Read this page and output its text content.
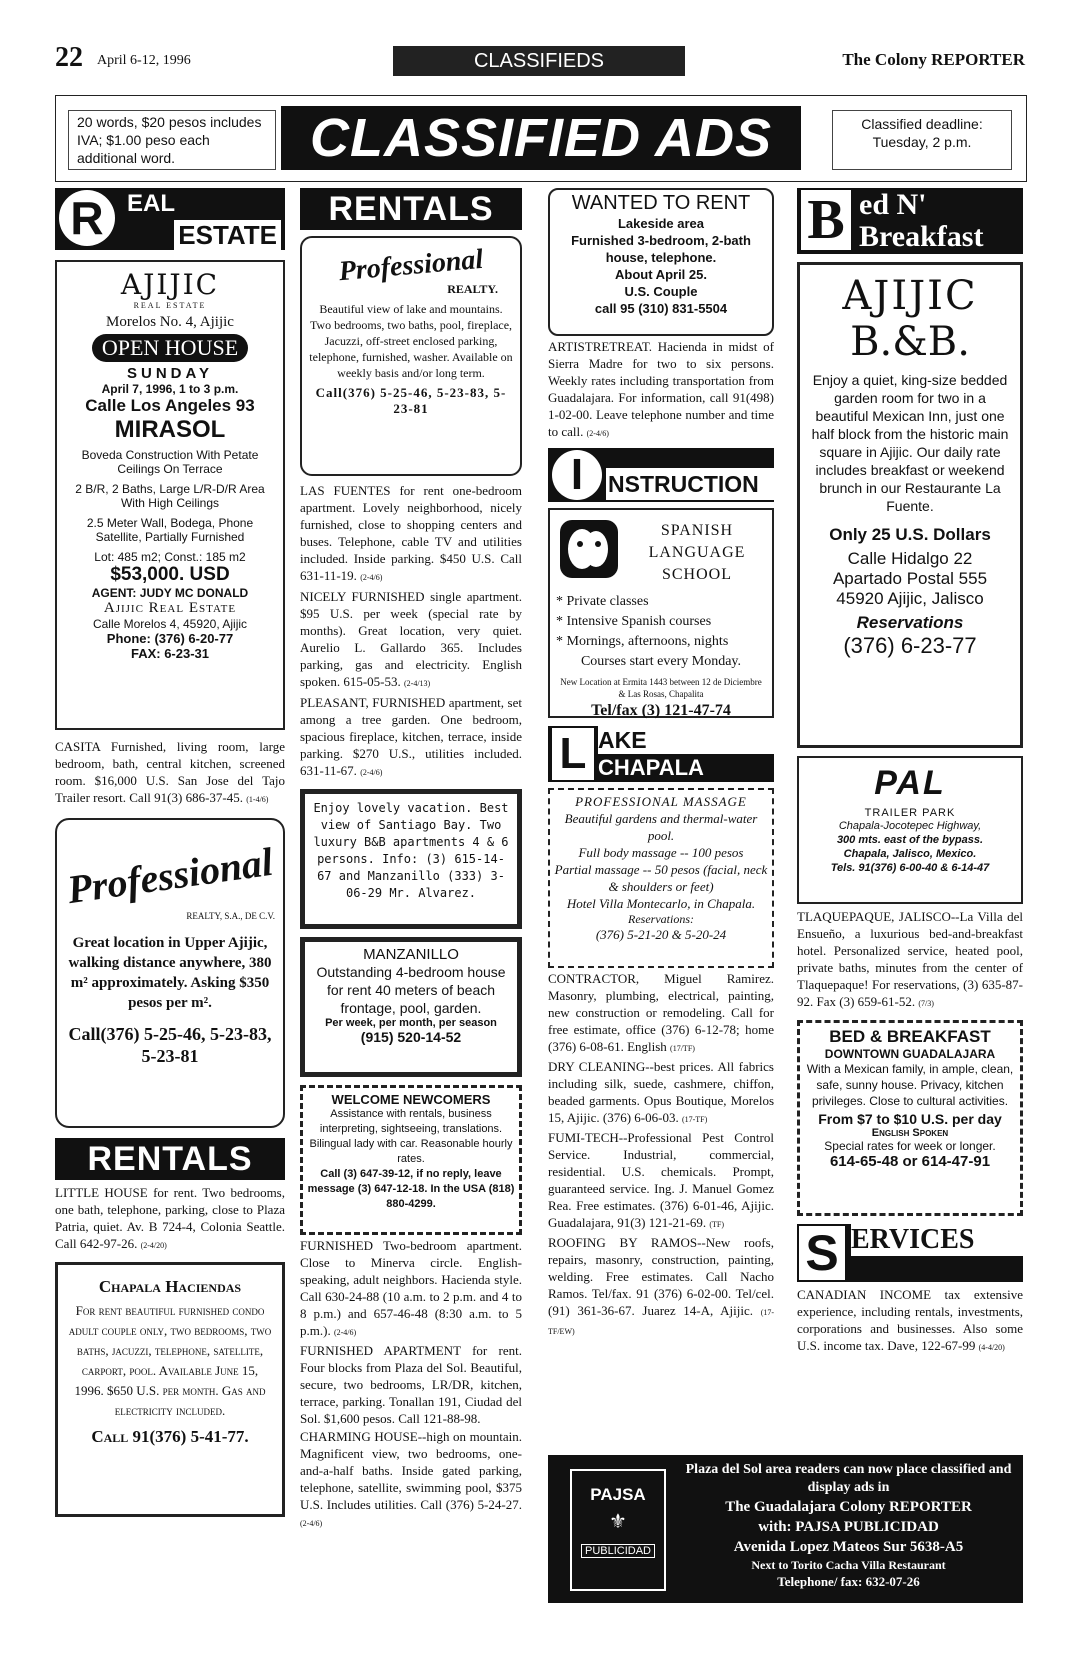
22 April 6-12, 1996	CLASSIFIEDS	The Colony REPORTER
20 words, $20 pesos includes IVA; $1.00 peso each additional word.	CLASSIFIED ADS	Classified deadline: Tuesday, 2 p.m.
R EAL
ESTATE
AJIJIC
REAL ESTATE
Morelos No. 4, Ajijic
OPEN HOUSE
SUNDAY
April 7, 1996, 1 to 3 p.m.
Calle Los Angeles 93
MIRASOL
Boveda Construction With Petate Ceilings On Terrace
2 B/R, 2 Baths, Large L/R-D/R Area With High Ceilings
2.5 Meter Wall, Bodega, Phone Satellite, Partially Furnished
Lot: 485 m2; Const.: 185 m2
$53,000. USD
AGENT: JUDY MC DONALD
Ajijic Real Estate
Calle Morelos 4, 45920, Ajijic
Phone: (376) 6-20-77
FAX: 6-23-31
CASITA Furnished, living room, large bedroom, bath, central kitchen, screened room. $16,000 U.S. San Jose del Tajo Trailer resort. Call 91(3) 686-37-45. (1-4/6)
Professional
REALTY, S.A., DE C.V.
Great location in Upper Ajijic, walking distance anywhere, 380 m² approximately. Asking $350 pesos per m².
Call(376) 5-25-46, 5-23-83, 5-23-81
RENTALS
LITTLE HOUSE for rent. Two bedrooms, one bath, telephone, parking, close to Plaza Patria, quiet. Av. B 724-4, Colonia Seattle. Call 642-97-26. (2-4/20)
Chapala Haciendas
For rent beautiful furnished condo adult couple only, two bedrooms, two baths, jacuzzi, telephone, satellite, carport, pool. Available June 15, 1996. $650 U.S. per month. Gas and electricity included.
Call 91(376) 5-41-77.
RENTALS
Professional
REALTY.
Beautiful view of lake and mountains. Two bedrooms, two baths, pool, fireplace, Jacuzzi, off-street enclosed parking, telephone, furnished, washer. Available on weekly basis and/or long term.
Call(376) 5-25-46, 5-23-83, 5-23-81
LAS FUENTES for rent one-bedroom apartment. Lovely neighborhood, nicely furnished, close to shopping centers and buses. Telephone, cable TV and utilities included. Inside parking. $450 U.S. Call 631-11-19. (2-4/6)
NICELY FURNISHED single apartment. $95 U.S. per week (special rate by months). Great location, very quiet. Aurelio L. Gallardo 365. Includes parking, gas and electricity. English spoken. 615-05-53. (2-4/13)
PLEASANT, FURNISHED apartment, set among a tree garden. One bedroom, spacious fireplace, kitchen, terrace, inside parking. $270 U.S., utilities included. 631-11-67. (2-4/6)
Enjoy lovely vacation. Best view of Santiago Bay. Two luxury B&B apartments 4 & 6 persons. Info: (3) 615-14-67 and Manzanillo (333) 3-06-29 Mr. Alvarez.
MANZANILLO
Outstanding 4-bedroom house for rent 40 meters of beach frontage, pool, garden.
Per week, per month, per season
(915) 520-14-52
WELCOME NEWCOMERS
Assistance with rentals, business interpreting, sightseeing, translations. Bilingual lady with car. Reasonable hourly rates.
Call (3) 647-39-12, if no reply, leave message (3) 647-12-18. In the USA (818) 880-4299.
FURNISHED Two-bedroom apartment. Close to Minerva circle. English-speaking, adult neighbors. Hacienda style. Call 630-24-88 (10 a.m. to 2 p.m. and 4 to 8 p.m.) and 657-46-48 (8:30 a.m. to 5 p.m.). (2-4/6)
FURNISHED APARTMENT for rent. Four blocks from Plaza del Sol. Beautiful, secure, two bedrooms, LR/DR, kitchen, terrace, parking. Tonallan 191, Ciudad del Sol. $1,600 pesos. Call 121-88-98.
CHARMING HOUSE--high on mountain. Magnificent view, two bedrooms, one-and-a-half baths. Inside gated parking, telephone, satellite, swimming pool, $375 U.S. Includes utilities. Call (376) 5-24-27. (2-4/6)
WANTED TO RENT
Lakeside area
Furnished 3-bedroom, 2-bath house, telephone.
About April 25.
U.S. Couple
call 95 (310) 831-5504
ARTISTRETREAT. Hacienda in midst of Sierra Madre for two to six persons. Weekly rates including transportation from Guadalajara. For information, call 91(498) 1-02-00. Leave telephone number and time to call. (2-4/6)
I	NSTRUCTION
SPANISH LANGUAGE SCHOOL
* Private classes
* Intensive Spanish courses
* Mornings, afternoons, nights
Courses start every Monday.
New Location at Ermita 1443 between 12 de Diciembre & Las Rosas, Chapalita
Tel/fax (3) 121-47-74
L AKE
CHAPALA
PROFESSIONAL MASSAGE
Beautiful gardens and thermal-water pool.
Full body massage -- 100 pesos
Partial massage -- 50 pesos (facial, neck & shoulders or feet)
Hotel Villa Montecarlo, in Chapala.
Reservations:
(376) 5-21-20 & 5-20-24
CONTRACTOR, Miguel Ramirez. Masonry, plumbing, electrical, painting, new construction or remodeling. Call for free estimate, office (376) 6-12-78; home (376) 6-08-61. English (17/TF)
DRY CLEANING--best prices. All fabrics including silk, suede, cashmere, chiffon, beaded garments. Opus Boutique, Morelos 15, Ajijic. (376) 6-06-03. (17-TF)
FUMI-TECH--Professional Pest Control Service. Industrial, commercial, residential. U.S. chemicals. Prompt, guaranteed service. Ing. J. Manuel Gomez Rea. Free estimates. (376) 6-01-46, Ajijic. Guadalajara, 91(3) 121-21-69. (TF)
ROOFING BY RAMOS--New roofs, repairs, masonry, construction, painting, welding. Free estimates. Call Nacho Ramos. Tel/fax. 91 (376) 6-02-00. Tel/cel. (91) 361-36-67. Juarez 14-A, Ajijic. (17-TF/EW)
PAJSA
⚜
PUBLICIDAD
Plaza del Sol area readers can now place classified and display ads in
The Guadalajara Colony REPORTER
with: PAJSA PUBLICIDAD
Avenida Lopez Mateos Sur 5638-A5
Next to Torito Cacha Villa Restaurant
Telephone/ fax: 632-07-26
B ed N'
Breakfast
AJIJIC
B.&B.
Enjoy a quiet, king-size bedded garden room for two in a beautiful Mexican Inn, just one half block from the historic main square in Ajijic. Our daily rate includes breakfast or weekend brunch in our Restaurante La Fuente.
Only 25 U.S. Dollars
Calle Hidalgo 22
Apartado Postal 555
45920 Ajijic, Jalisco
Reservations
(376) 6-23-77
PAL
TRAILER PARK
Chapala-Jocotepec Highway,
300 mts. east of the bypass.
Chapala, Jalisco, Mexico.
Tels. 91(376) 6-00-40 & 6-14-47
TLAQUEPAQUE, JALISCO--La Villa del Ensueño, a luxurious bed-and-breakfast hotel. Personalized service, heated pool, private baths, minutes from the center of Tlaquepaque! For reservations, (3) 635-87-92. Fax (3) 659-61-52. (7/3)
BED & BREAKFAST
DOWNTOWN GUADALAJARA
With a Mexican family, in ample, clean, safe, sunny house. Privacy, kitchen privileges. Close to cultural activities.
From $7 to $10 U.S. per day
English Spoken
Special rates for week or longer.
614-65-48 or 614-47-91
S ERVICES
CANADIAN INCOME tax extensive experience, including rentals, investments, corporations and businesses. Also some U.S. income tax. Dave, 122-67-99 (4-4/20)
